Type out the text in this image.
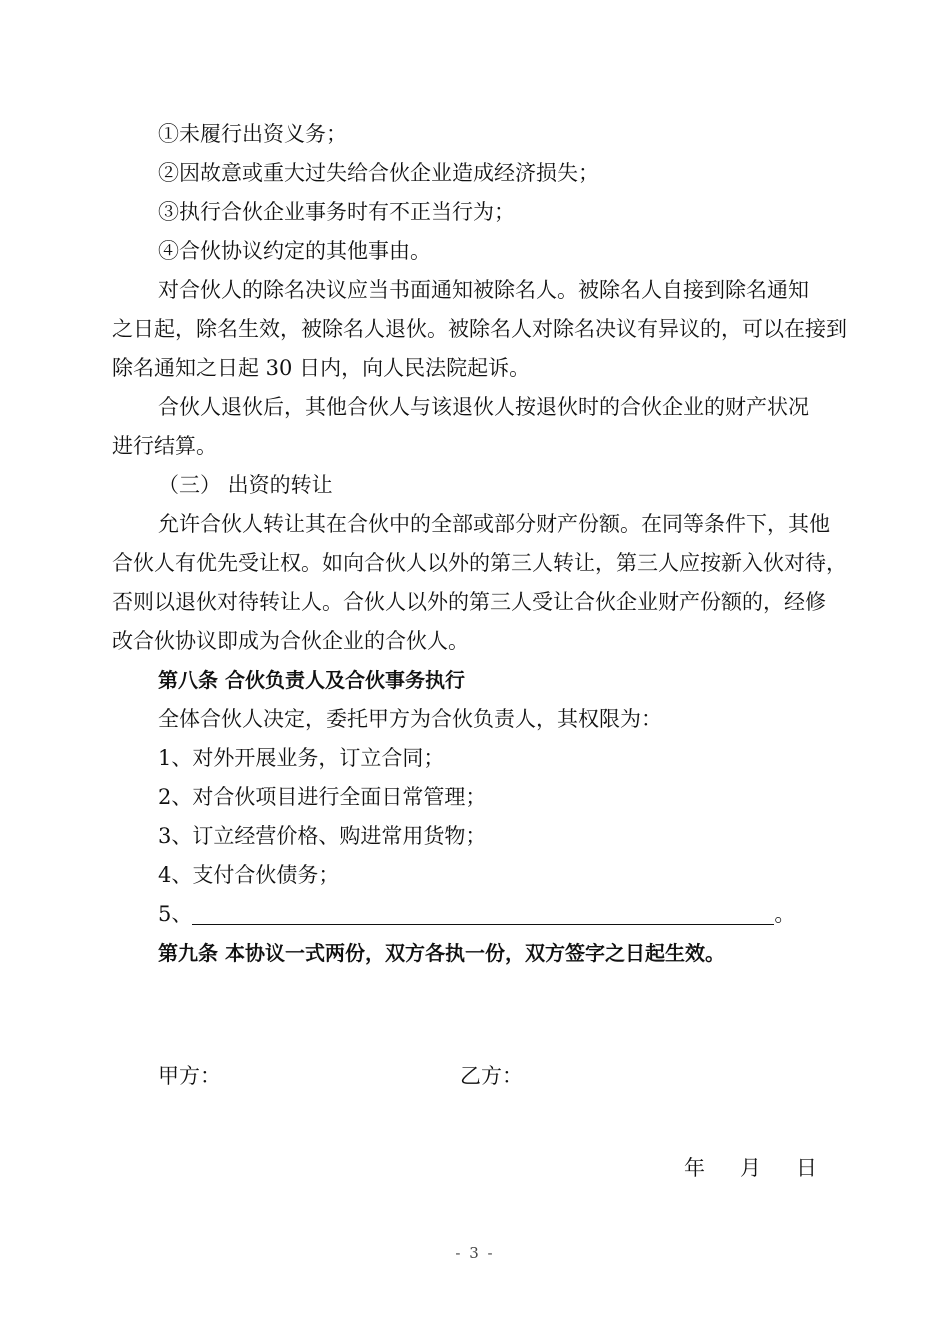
①未履行出资义务；

②因故意或重大过失给合伙企业造成经济损失；

③执行合伙企业事务时有不正当行为；

④合伙协议约定的其他事由。

对合伙人的除名决议应当书面通知被除名人。被除名人自接到除名通知

之日起，除名生效，被除名人退伙。被除名人对除名决议有异议的，可以在接到

除名通知之日起 30 日内，向人民法院起诉。

合伙人退伙后，其他合伙人与该退伙人按退伙时的合伙企业的财产状况

进行结算。

（三） 出资的转让

允许合伙人转让其在合伙中的全部或部分财产份额。在同等条件下，其他

合伙人有优先受让权。如向合伙人以外的第三人转让，第三人应按新入伙对待，

否则以退伙对待转让人。合伙人以外的第三人受让合伙企业财产份额的，经修

改合伙协议即成为合伙企业的合伙人。

第八条 合伙负责人及合伙事务执行

全体合伙人决定，委托甲方为合伙负责人，其权限为：

1、对外开展业务，订立合同；

2、对合伙项目进行全面日常管理；

3、订立经营价格、购进常用货物；

4、支付合伙债务；

5、	。

第九条 本协议一式两份，双方各执一份，双方签字之日起生效。

甲方：	乙方：

年 月 日

- 3 -
